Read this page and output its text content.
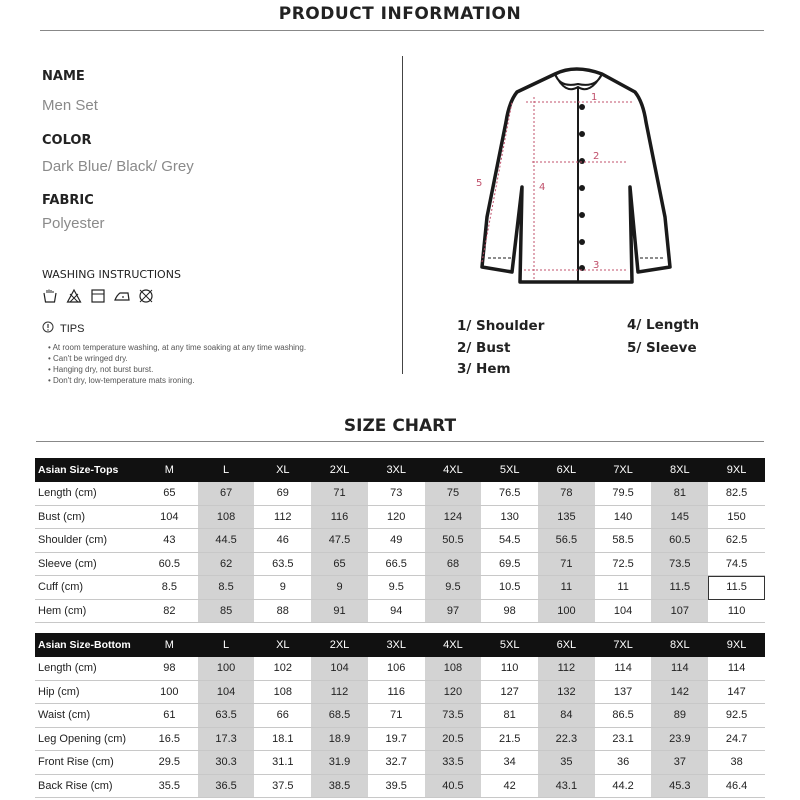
PRODUCT INFORMATION
NAME
Men Set
COLOR
Dark Blue/ Black/ Grey
FABRIC
Polyester
WASHING INSTRUCTIONS
TIPS
• At room temperature washing, at any time soaking at any time washing.
• Can't be wringed dry.
• Hanging dry, not burst burst.
• Don't dry, low-temperature mats ironing.
1
2
3
4
5
1/ Shoulder
2/ Bust
3/ Hem
4/ Length
5/ Sleeve
SIZE CHART
Asian Size-Tops	M	L	XL	2XL	3XL	4XL	5XL	6XL	7XL	8XL	9XL
Length (cm)	65	67	69	71	73	75	76.5	78	79.5	81	82.5
Bust (cm)	104	108	112	116	120	124	130	135	140	145	150
Shoulder (cm)	43	44.5	46	47.5	49	50.5	54.5	56.5	58.5	60.5	62.5
Sleeve (cm)	60.5	62	63.5	65	66.5	68	69.5	71	72.5	73.5	74.5
Cuff (cm)	8.5	8.5	9	9	9.5	9.5	10.5	11	11	11.5	11.5
Hem (cm)	82	85	88	91	94	97	98	100	104	107	110
Asian Size-Bottom	M	L	XL	2XL	3XL	4XL	5XL	6XL	7XL	8XL	9XL
Length (cm)	98	100	102	104	106	108	110	112	114	114	114
Hip (cm)	100	104	108	112	116	120	127	132	137	142	147
Waist (cm)	61	63.5	66	68.5	71	73.5	81	84	86.5	89	92.5
Leg Opening (cm)	16.5	17.3	18.1	18.9	19.7	20.5	21.5	22.3	23.1	23.9	24.7
Front Rise (cm)	29.5	30.3	31.1	31.9	32.7	33.5	34	35	36	37	38
Back Rise (cm)	35.5	36.5	37.5	38.5	39.5	40.5	42	43.1	44.2	45.3	46.4
